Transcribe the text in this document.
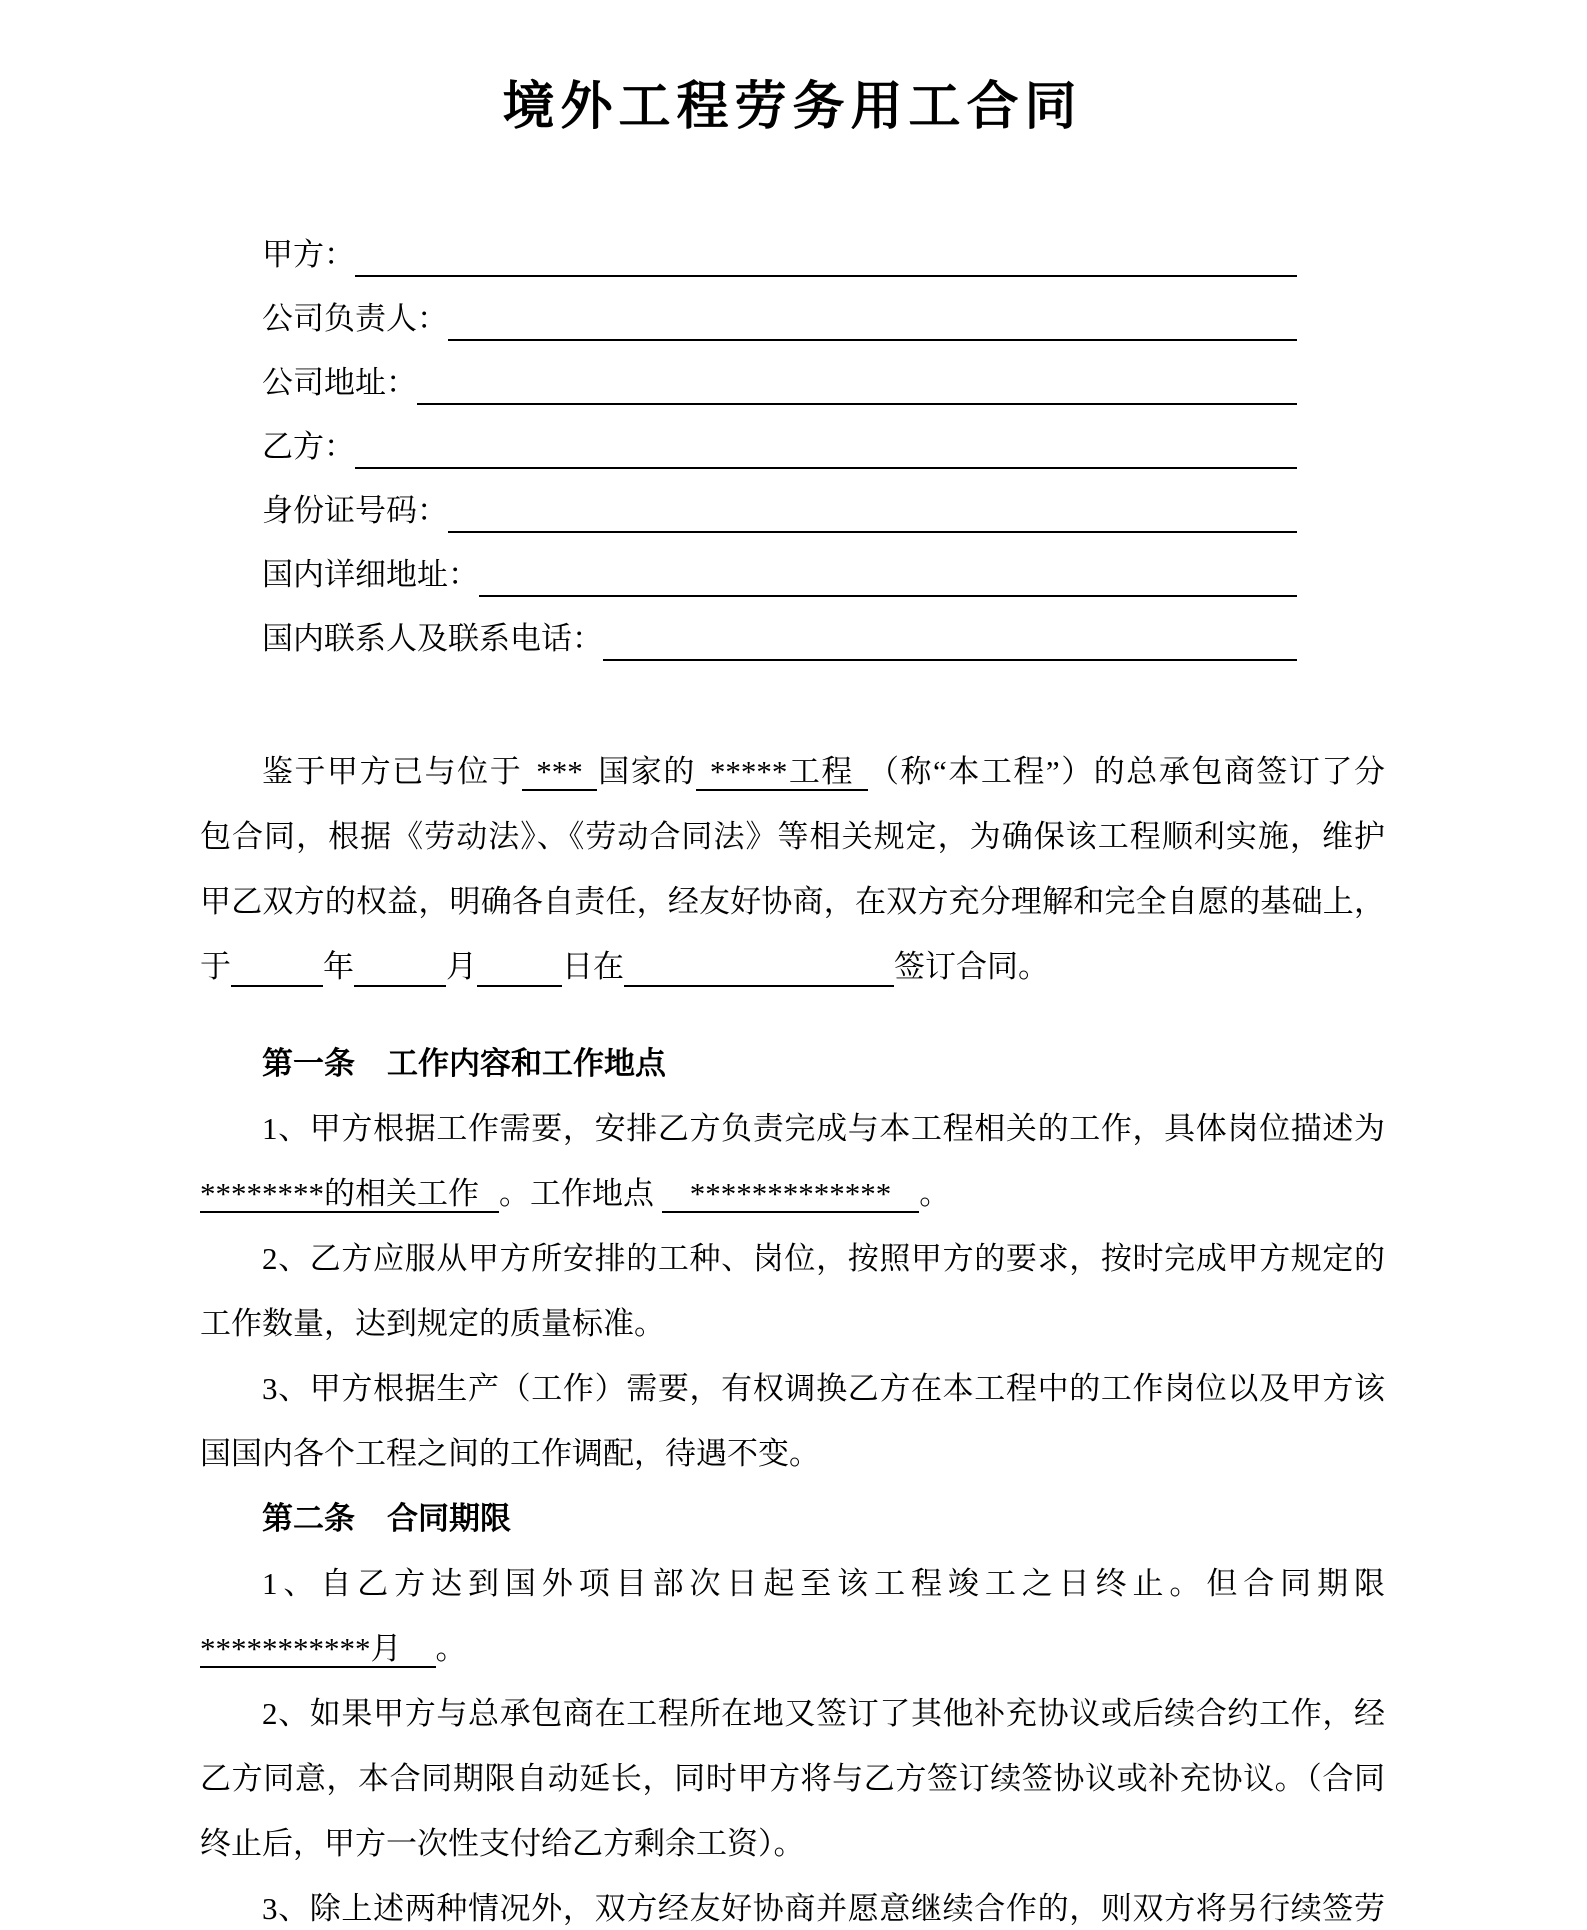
境外工程劳务用工合同
甲方：
公司负责人：
公司地址：
乙方：
身份证号码：
国内详细地址：
国内联系人及联系电话：
鉴于甲方已与位于 *** 国家的 *****工程 （称“本工程”）的总承包商签订了分
包合同，根据《劳动法》、《劳动合同法》等相关规定，为确保该工程顺利实施，维护
甲乙双方的权益，明确各自责任，经友好协商，在双方充分理解和完全自愿的基础上，
于	年	月	日在	签订合同。
第一条 工作内容和工作地点
1、甲方根据工作需要，安排乙方负责完成与本工程相关的工作，具体岗位描述为
********的相关工作 。工作地点 ************* 。
2、乙方应服从甲方所安排的工种、岗位，按照甲方的要求，按时完成甲方规定的
工作数量，达到规定的质量标准。
3、甲方根据生产（工作）需要，有权调换乙方在本工程中的工作岗位以及甲方该
国国内各个工程之间的工作调配，待遇不变。
第二条 合同期限
1、自乙方达到国外项目部次日起至该工程竣工之日终止。但合同期限
***********月 。
2、如果甲方与总承包商在工程所在地又签订了其他补充协议或后续合约工作，经
乙方同意，本合同期限自动延长，同时甲方将与乙方签订续签协议或补充协议。（合同
终止后，甲方一次性支付给乙方剩余工资）。
3、除上述两种情况外，双方经友好协商并愿意继续合作的，则双方将另行续签劳
